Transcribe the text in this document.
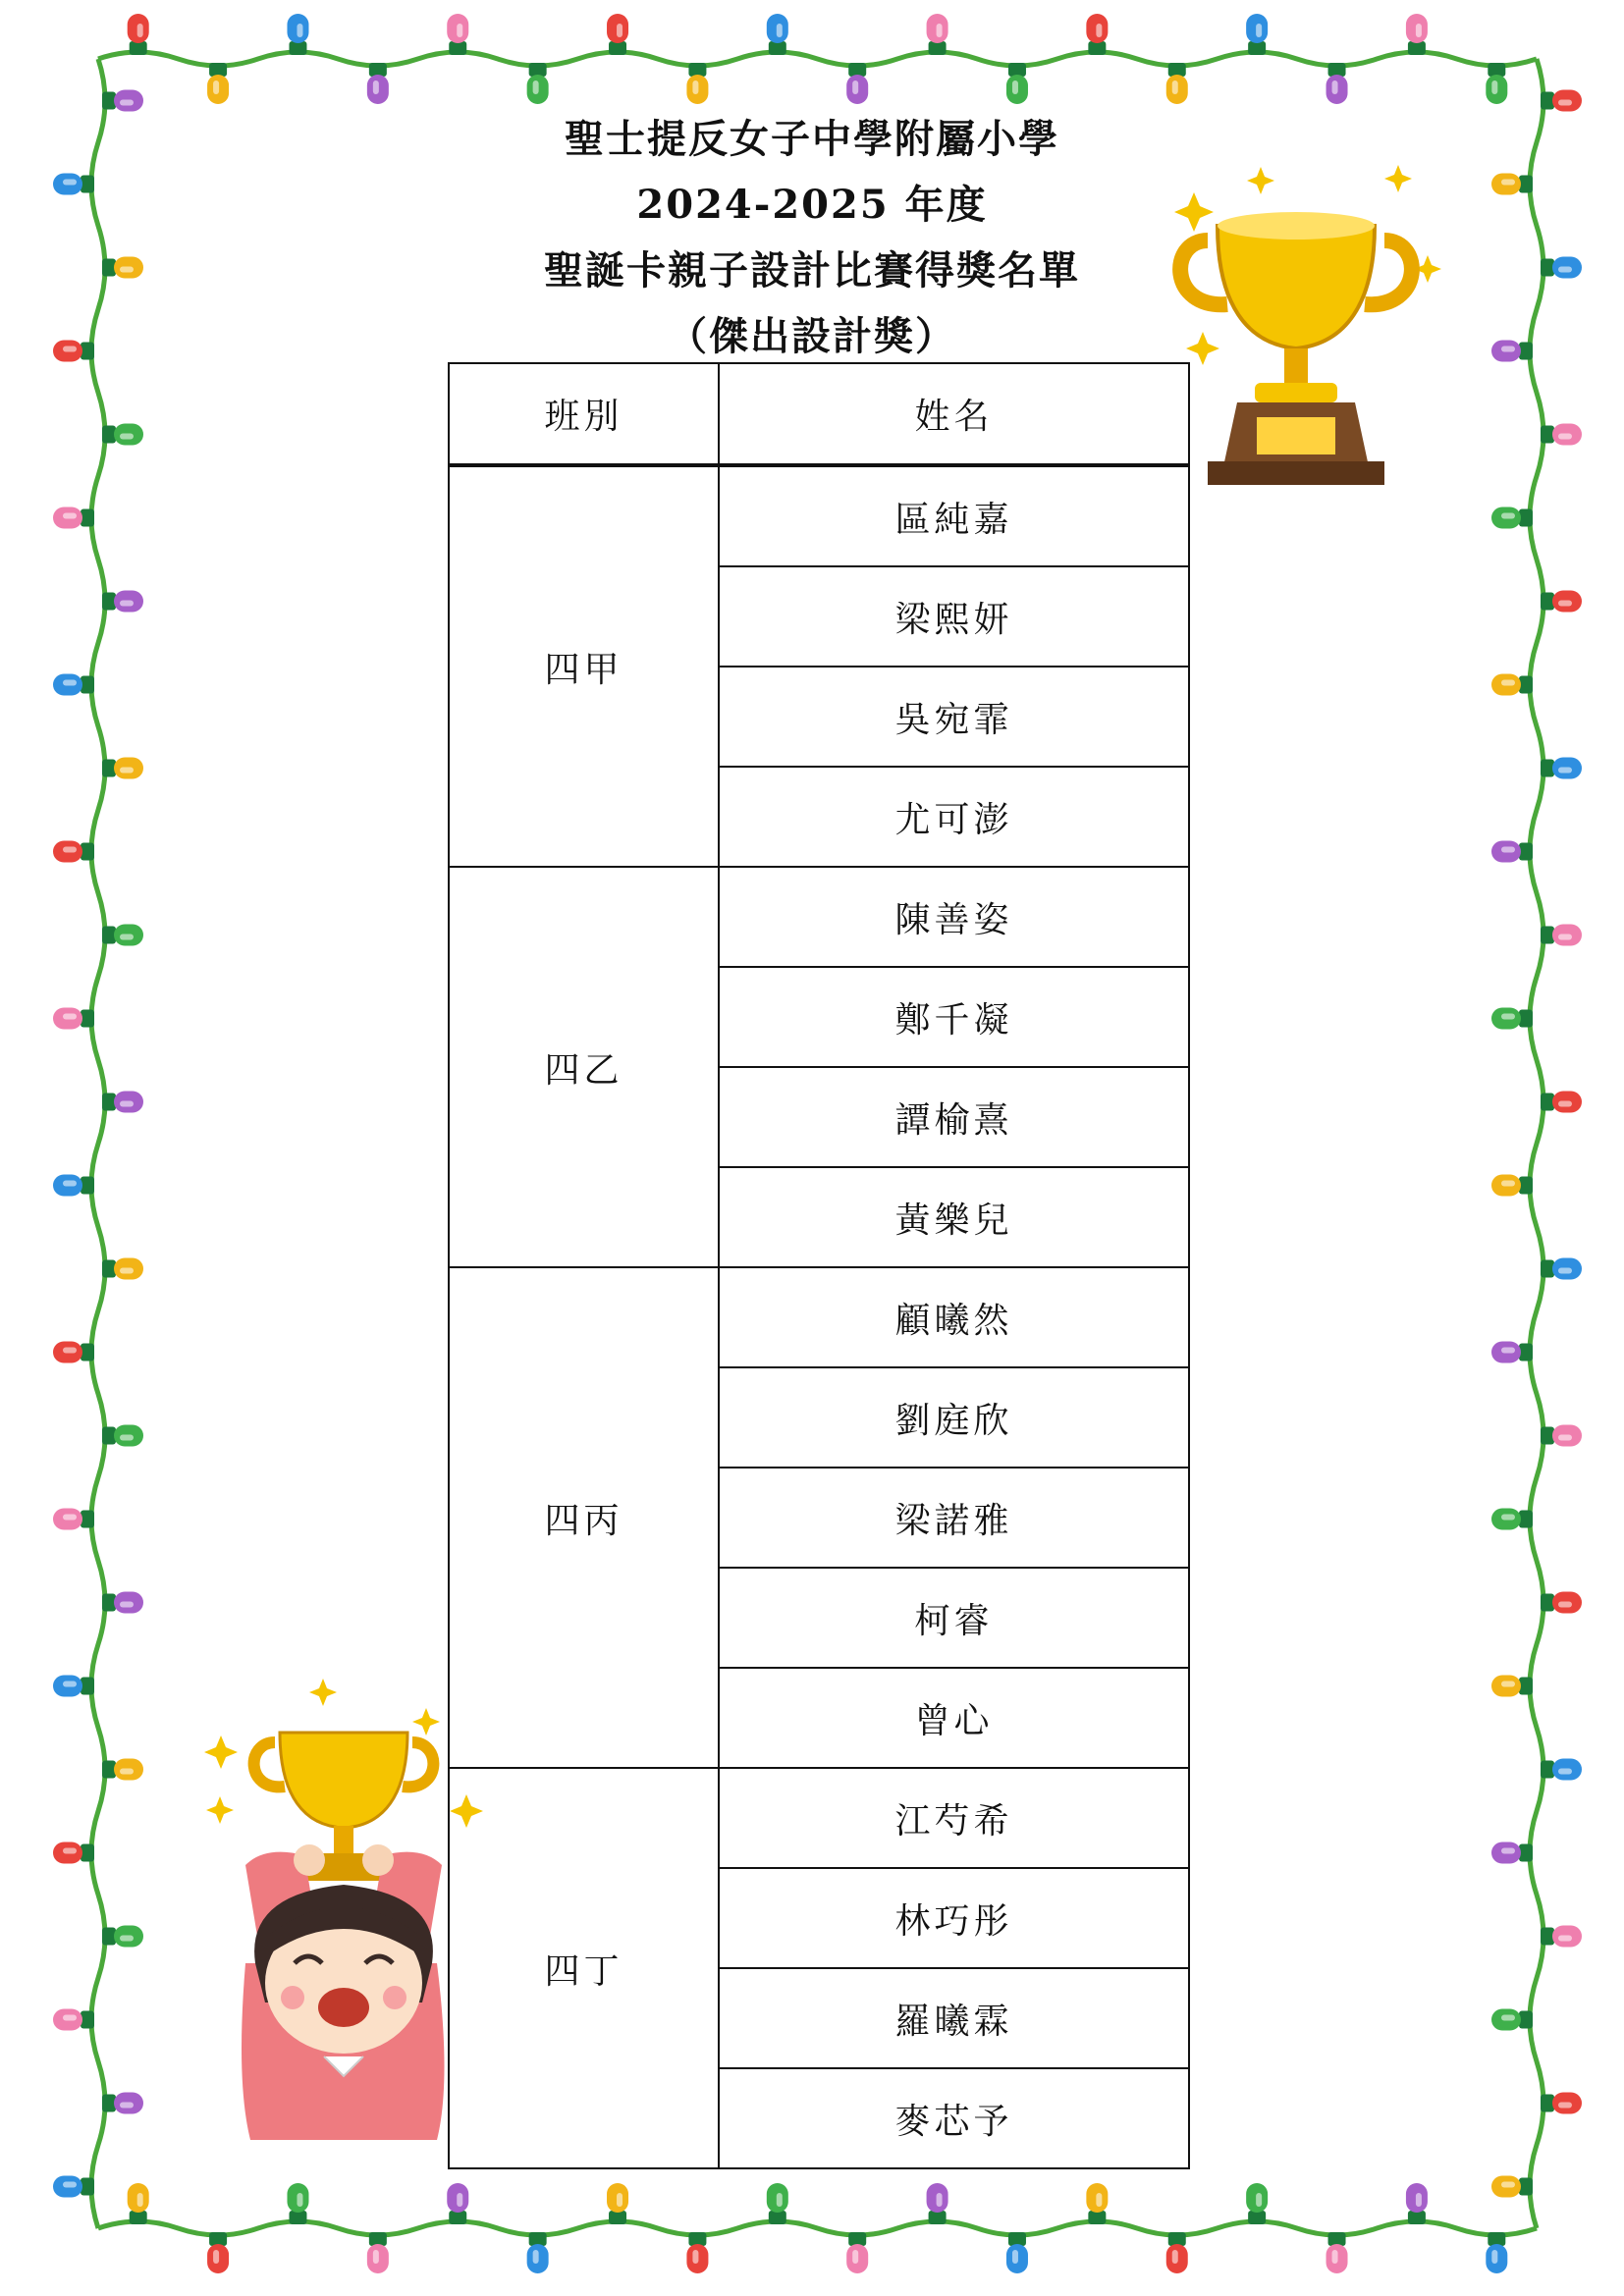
聖士提反女子中學附屬小學
2024-2025 年度
聖誕卡親子設計比賽得獎名單
（傑出設計獎）
班別	姓名
四甲	區純嘉
	梁熙妍
	吳宛霏
	尤可澎
四乙	陳善姿
	鄭千凝
	譚榆熹
	黃樂兒
四丙	顧曦然
	劉庭欣
	梁諾雅
	柯睿
	曾心
四丁	江芍希
	林巧彤
	羅曦霖
	麥芯予
